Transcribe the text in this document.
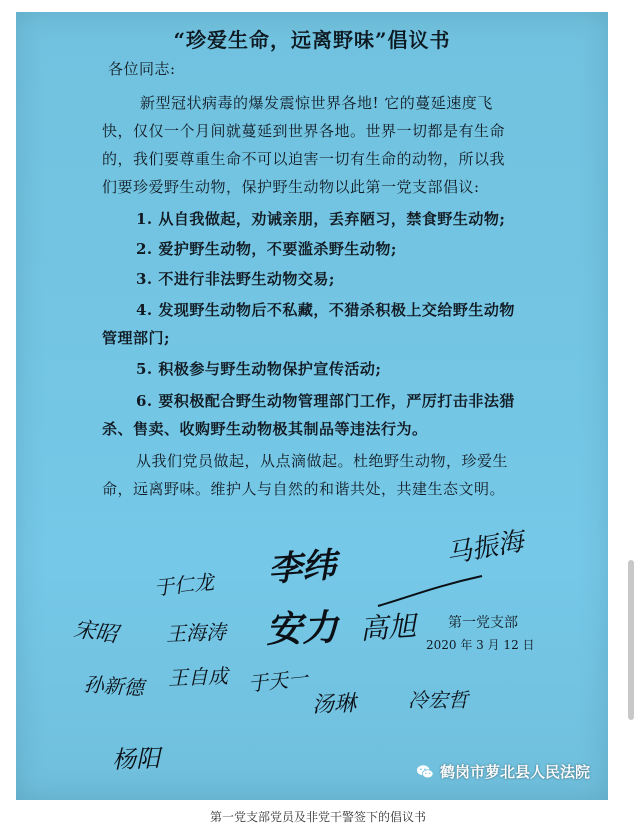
“珍爱生命，远离野味”倡议书
各位同志:
新型冠状病毒的爆发震惊世界各地! 它的蔓延速度飞
快，仅仅一个月间就蔓延到世界各地。世界一切都是有生命
的，我们要尊重生命不可以迫害一切有生命的动物，所以我
们要珍爱野生动物，保护野生动物以此第一党支部倡议:
1. 从自我做起，劝诫亲朋，丢弃陋习，禁食野生动物;
2. 爱护野生动物，不要滥杀野生动物;
3. 不进行非法野生动物交易;
4. 发现野生动物后不私藏，不猎杀积极上交给野生动物
管理部门;
5. 积极参与野生动物保护宣传活动;
6. 要积极配合野生动物管理部门工作，严厉打击非法猎
杀、售卖、收购野生动物极其制品等违法行为。
从我们党员做起，从点滴做起。杜绝野生动物，珍爱生
命，远离野味。维护人与自然的和谐共处，共建生态文明。
于仁龙 李纬	马振海
宋昭 王海涛 安力 高旭 第一党支部
2020 年 3 月 12 日
孙新德 王自成 于天一
汤琳	冷宏哲
杨阳	鹤岗市萝北县人民法院
第一党支部党员及非党干警签下的倡议书
